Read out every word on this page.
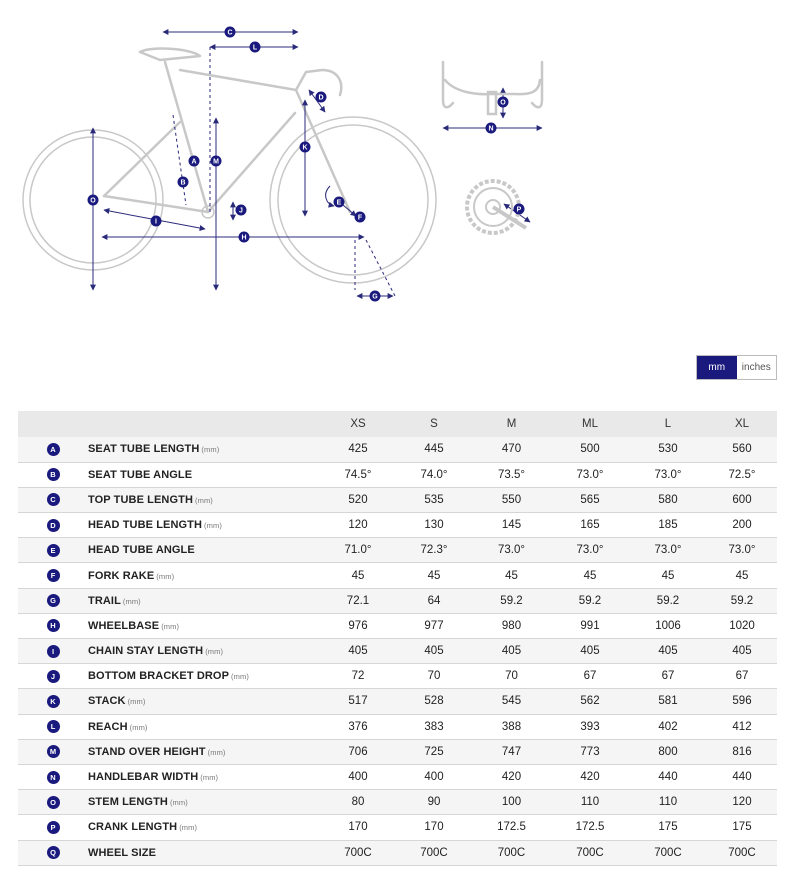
C
L
D
K
A M
B
O	E
J
F
I
H
G
O
N
P
mm	inches
		XS	S	M	ML	L	XL
A	SEAT TUBE LENGTH (mm)	425	445	470	500	530	560
B	SEAT TUBE ANGLE	74.5°	74.0°	73.5°	73.0°	73.0°	72.5°
C	TOP TUBE LENGTH (mm)	520	535	550	565	580	600
D	HEAD TUBE LENGTH (mm)	120	130	145	165	185	200
E	HEAD TUBE ANGLE	71.0°	72.3°	73.0°	73.0°	73.0°	73.0°
F	FORK RAKE (mm)	45	45	45	45	45	45
G	TRAIL (mm)	72.1	64	59.2	59.2	59.2	59.2
H	WHEELBASE (mm)	976	977	980	991	1006	1020
I	CHAIN STAY LENGTH (mm)	405	405	405	405	405	405
J	BOTTOM BRACKET DROP (mm)	72	70	70	67	67	67
K	STACK (mm)	517	528	545	562	581	596
L	REACH (mm)	376	383	388	393	402	412
M	STAND OVER HEIGHT (mm)	706	725	747	773	800	816
N	HANDLEBAR WIDTH (mm)	400	400	420	420	440	440
O	STEM LENGTH (mm)	80	90	100	110	110	120
P	CRANK LENGTH (mm)	170	170	172.5	172.5	175	175
Q	WHEEL SIZE	700C	700C	700C	700C	700C	700C
